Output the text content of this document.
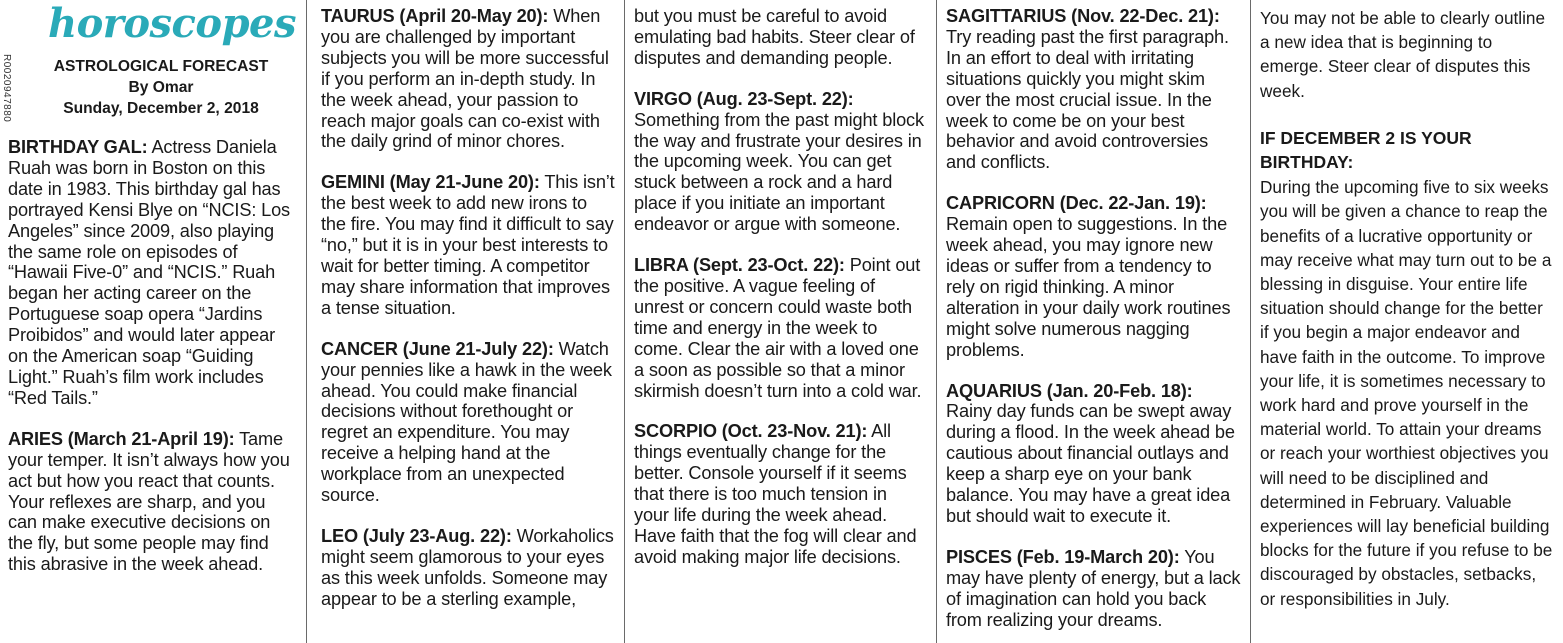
R0020947880
horoscopes
ASTROLOGICAL FORECAST
By Omar
Sunday, December 2, 2018

BIRTHDAY GAL: Actress Daniela Ruah was born in Boston on this date in 1983. This birthday gal has portrayed Kensi Blye on “NCIS: Los Angeles” since 2009, also playing the same role on episodes of “Hawaii Five-0” and “NCIS.” Ruah began her acting career on the Portuguese soap opera “Jardins Proibidos” and would later appear on the American soap “Guiding Light.” Ruah’s film work includes “Red Tails.”

ARIES (March 21-April 19): Tame your temper. It isn’t always how you act but how you react that counts. Your reflexes are sharp, and you can make executive decisions on the fly, but some people may find this abrasive in the week ahead.

TAURUS (April 20-May 20): When you are challenged by important subjects you will be more successful if you perform an in-depth study. In the week ahead, your passion to reach major goals can co-exist with the daily grind of minor chores.

GEMINI (May 21-June 20): This isn’t the best week to add new irons to the fire. You may find it difficult to say “no,” but it is in your best interests to wait for better timing. A competitor may share information that improves a tense situation.

CANCER (June 21-July 22): Watch your pennies like a hawk in the week ahead. You could make financial decisions without forethought or regret an expenditure. You may receive a helping hand at the workplace from an unexpected source.

LEO (July 23-Aug. 22): Workaholics might seem glamorous to your eyes as this week unfolds. Someone may appear to be a sterling example,

but you must be careful to avoid emulating bad habits. Steer clear of disputes and demanding people.

VIRGO (Aug. 23-Sept. 22): Something from the past might block the way and frustrate your desires in the upcoming week. You can get stuck between a rock and a hard place if you initiate an important endeavor or argue with someone.

LIBRA (Sept. 23-Oct. 22): Point out the positive. A vague feeling of unrest or concern could waste both time and energy in the week to come. Clear the air with a loved one a soon as possible so that a minor skirmish doesn’t turn into a cold war.

SCORPIO (Oct. 23-Nov. 21): All things eventually change for the better. Console yourself if it seems that there is too much tension in your life during the week ahead. Have faith that the fog will clear and avoid making major life decisions.

SAGITTARIUS (Nov. 22-Dec. 21): Try reading past the first paragraph. In an effort to deal with irritating situations quickly you might skim over the most crucial issue. In the week to come be on your best behavior and avoid controversies and conflicts.

CAPRICORN (Dec. 22-Jan. 19): Remain open to suggestions. In the week ahead, you may ignore new ideas or suffer from a tendency to rely on rigid thinking. A minor alteration in your daily work routines might solve numerous nagging problems.

AQUARIUS (Jan. 20-Feb. 18): Rainy day funds can be swept away during a flood. In the week ahead be cautious about financial outlays and keep a sharp eye on your bank balance. You may have a great idea but should wait to execute it.

PISCES (Feb. 19-March 20): You may have plenty of energy, but a lack of imagination can hold you back from realizing your dreams.

You may not be able to clearly outline a new idea that is beginning to emerge. Steer clear of disputes this week.

IF DECEMBER 2 IS YOUR BIRTHDAY:
During the upcoming five to six weeks you will be given a chance to reap the benefits of a lucrative opportunity or may receive what may turn out to be a blessing in disguise. Your entire life situation should change for the better if you begin a major endeavor and have faith in the outcome. To improve your life, it is sometimes necessary to work hard and prove yourself in the material world. To attain your dreams or reach your worthiest objectives you will need to be disciplined and determined in February. Valuable experiences will lay beneficial building blocks for the future if you refuse to be discouraged by obstacles, setbacks, or responsibilities in July.
